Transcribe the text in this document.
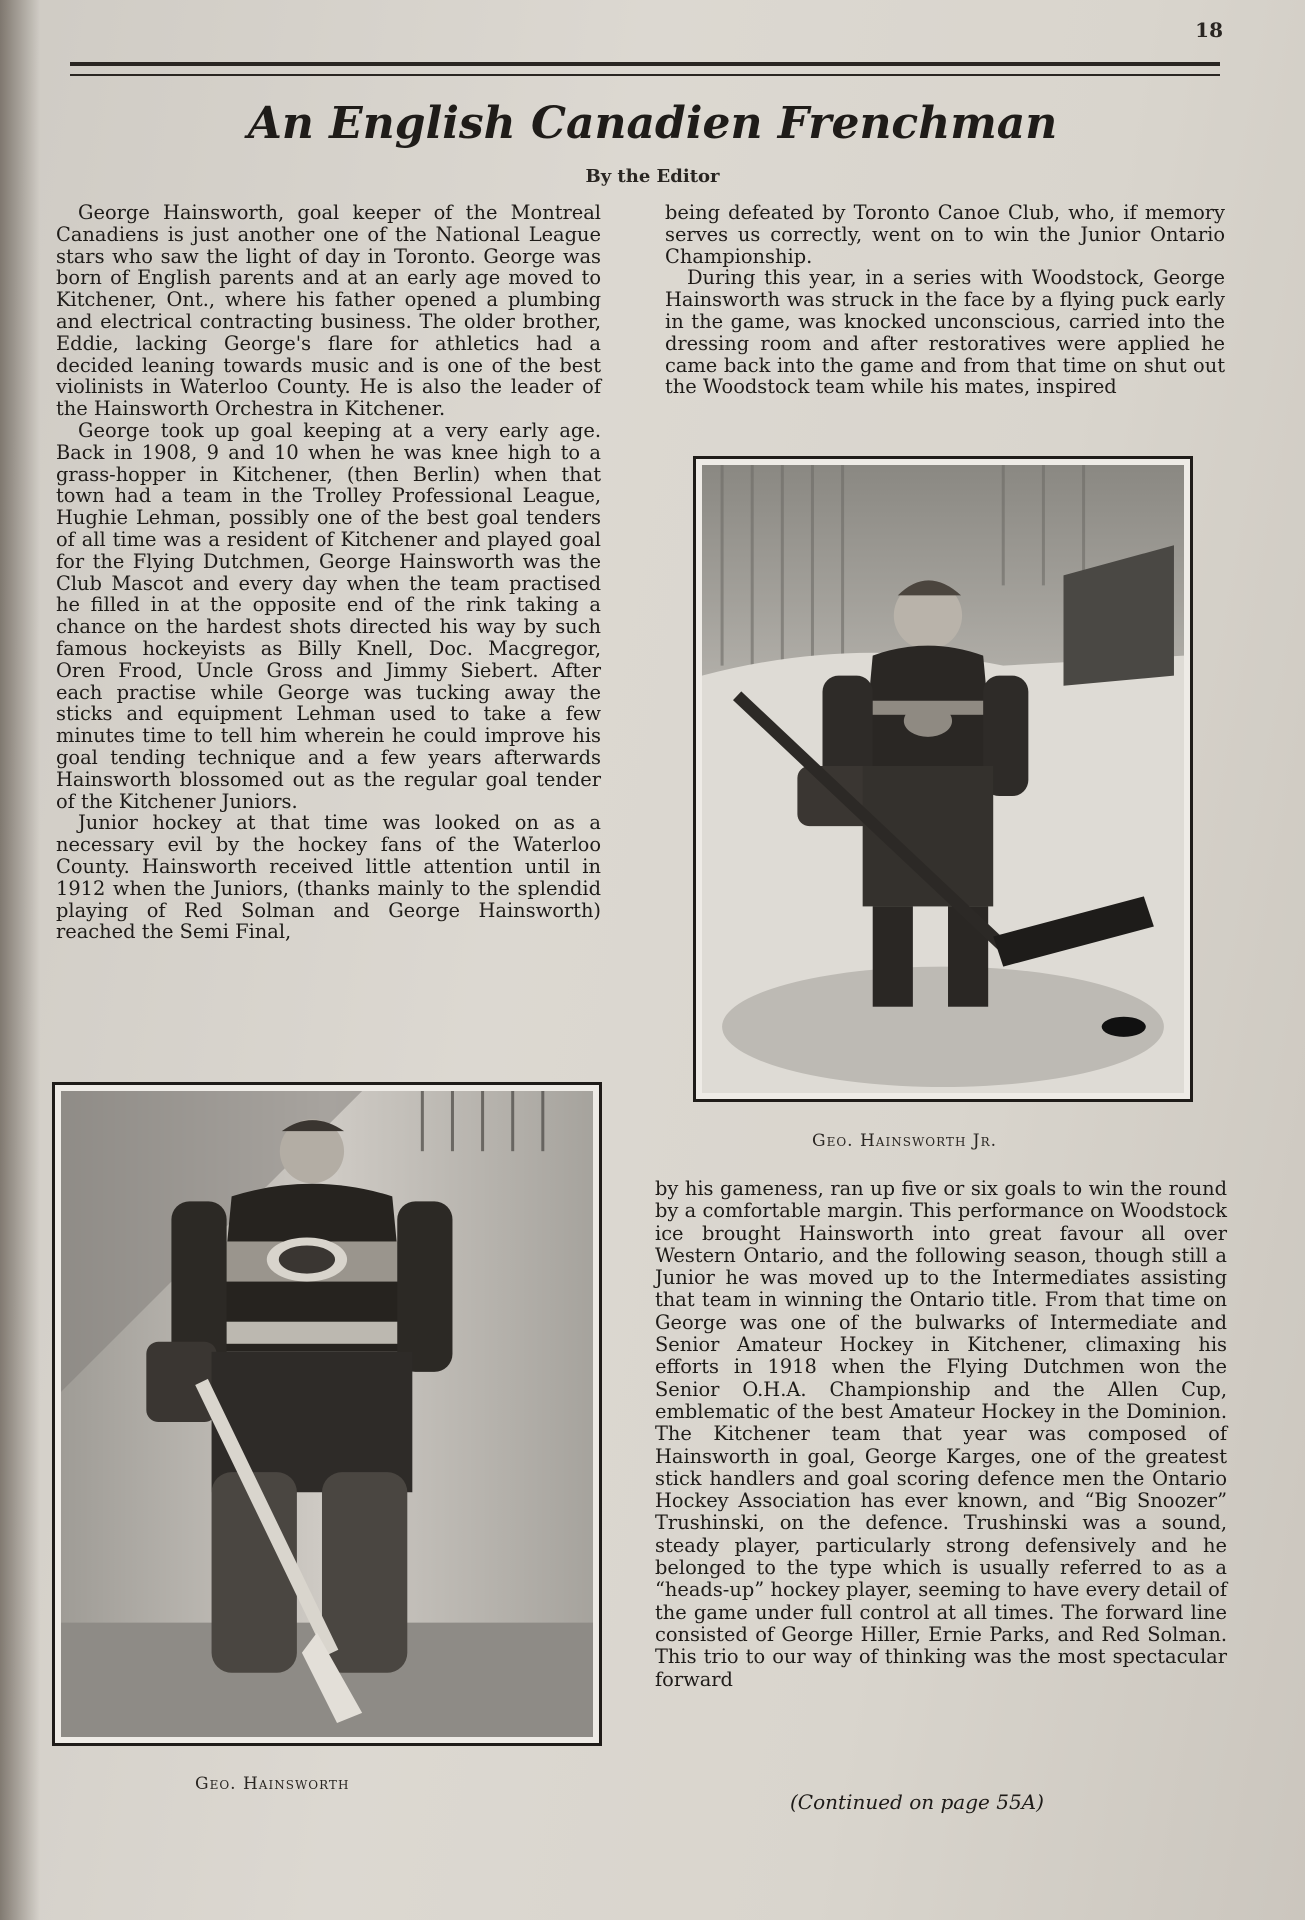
18
An English Canadien Frenchman
By the Editor

George Hainsworth, goal keeper of the Montreal Canadiens is just another one of the National League stars who saw the light of day in Toronto. George was born of English parents and at an early age moved to Kitchener, Ont., where his father opened a plumbing and electrical contracting business. The older brother, Eddie, lacking George's flare for athletics had a decided leaning towards music and is one of the best violinists in Waterloo County. He is also the leader of the Hainsworth Orchestra in Kitchener.

George took up goal keeping at a very early age. Back in 1908, 9 and 10 when he was knee high to a grass-hopper in Kitchener, (then Berlin) when that town had a team in the Trolley Professional League, Hughie Lehman, possibly one of the best goal tenders of all time was a resident of Kitchener and played goal for the Flying Dutchmen, George Hainsworth was the Club Mascot and every day when the team practised he filled in at the opposite end of the rink taking a chance on the hardest shots directed his way by such famous hockeyists as Billy Knell, Doc. Macgregor, Oren Frood, Uncle Gross and Jimmy Siebert. After each practise while George was tucking away the sticks and equipment Lehman used to take a few minutes time to tell him wherein he could improve his goal tending technique and a few years afterwards Hainsworth blossomed out as the regular goal tender of the Kitchener Juniors.

Junior hockey at that time was looked on as a necessary evil by the hockey fans of the Waterloo County. Hainsworth received little attention until in 1912 when the Juniors, (thanks mainly to the splendid playing of Red Solman and George Hainsworth) reached the Semi Final,

being defeated by Toronto Canoe Club, who, if memory serves us correctly, went on to win the Junior Ontario Championship.

During this year, in a series with Woodstock, George Hainsworth was struck in the face by a flying puck early in the game, was knocked unconscious, carried into the dressing room and after restoratives were applied he came back into the game and from that time on shut out the Woodstock team while his mates, inspired

Geo. Hainsworth Jr.
Geo. Hainsworth

by his gameness, ran up five or six goals to win the round by a comfortable margin. This performance on Woodstock ice brought Hainsworth into great favour all over Western Ontario, and the following season, though still a Junior he was moved up to the Intermediates assisting that team in winning the Ontario title. From that time on George was one of the bulwarks of Intermediate and Senior Amateur Hockey in Kitchener, climaxing his efforts in 1918 when the Flying Dutchmen won the Senior O.H.A. Championship and the Allen Cup, emblematic of the best Amateur Hockey in the Dominion. The Kitchener team that year was composed of Hainsworth in goal, George Karges, one of the greatest stick handlers and goal scoring defence men the Ontario Hockey Association has ever known, and “Big Snoozer” Trushinski, on the defence. Trushinski was a sound, steady player, particularly strong defensively and he belonged to the type which is usually referred to as a “heads-up” hockey player, seeming to have every detail of the game under full control at all times. The forward line consisted of George Hiller, Ernie Parks, and Red Solman. This trio to our way of thinking was the most spectacular forward

(Continued on page 55A)
